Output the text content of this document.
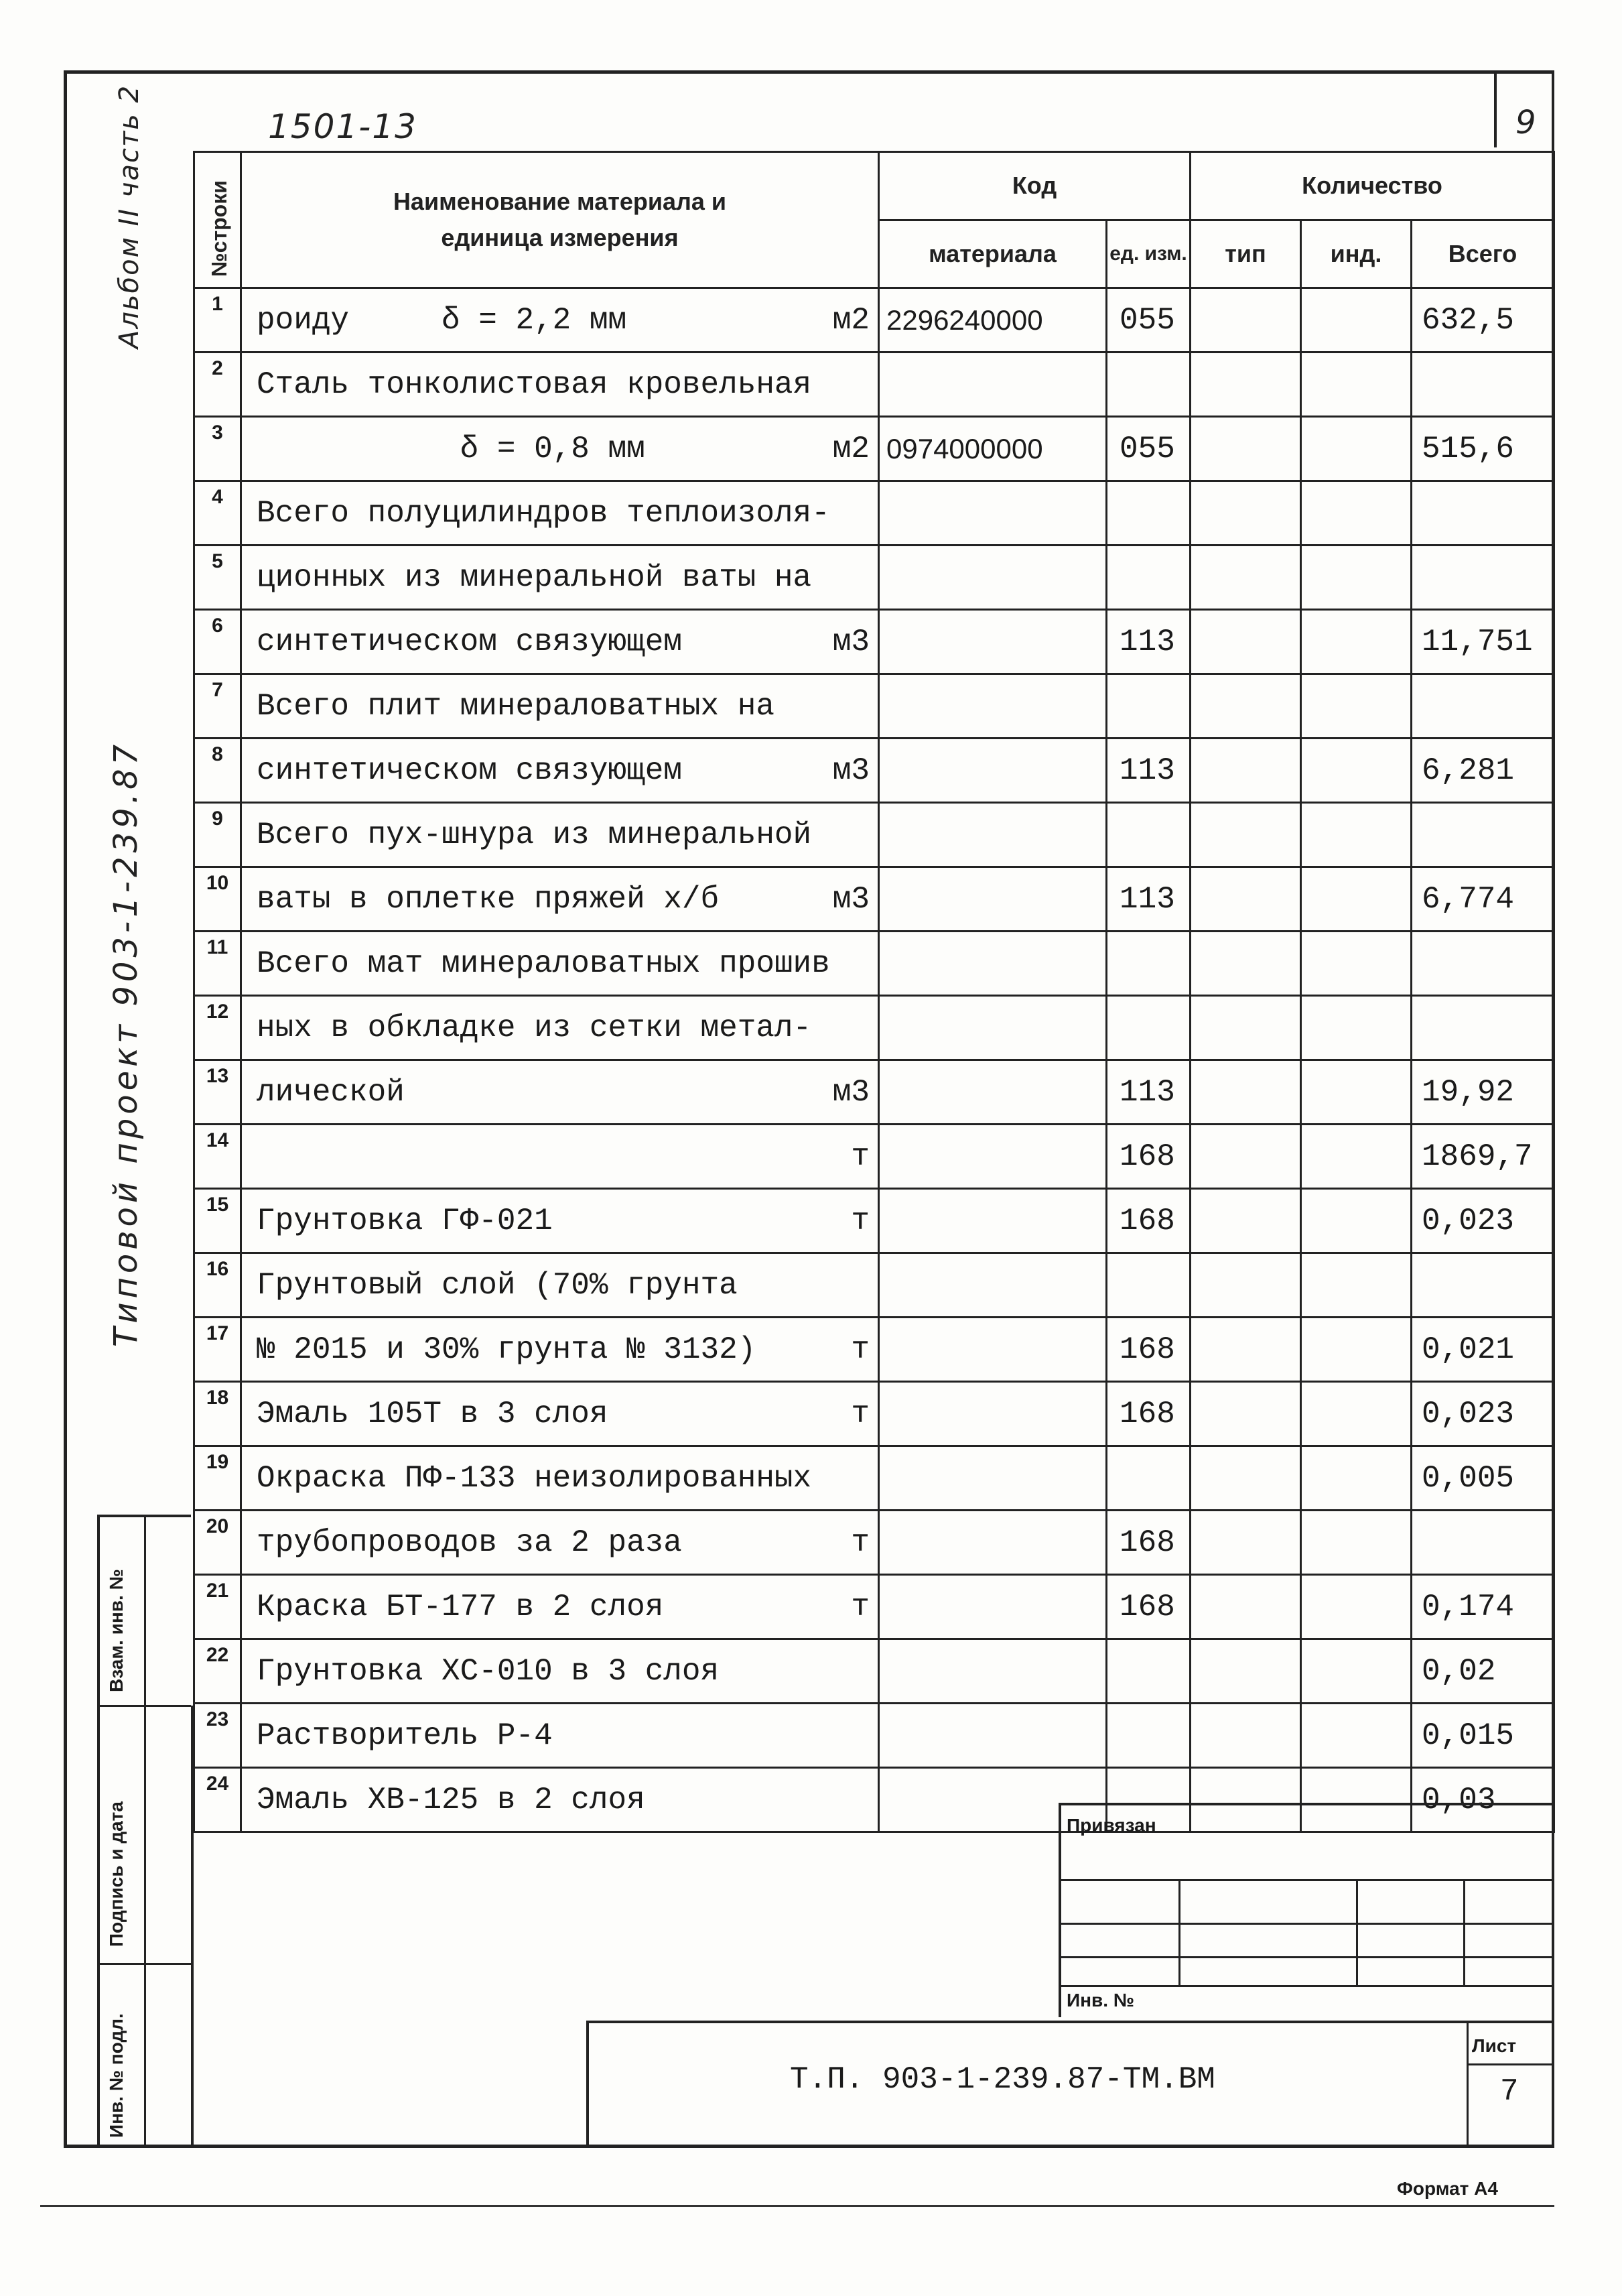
1501-13	9
Альбом II часть 2
Типовой проект 903-1-239.87
№строки	Наименование материала и единица измерения	Код		Количество		
		материала	ед. изм.	тип	инд.	Всего
1	роиду     δ = 2,2 мм м2	2296240000	055			632,5
2	Сталь тонколистовая кровельная

3	δ = 0,8 мм м2	0974000000	055			515,6
4	Всего полуцилиндров теплоизоля-

5	ционных из минеральной ваты на

6	синтетическом связующем м3		113			11,751
7	Всего плит минераловатных на

8	синтетическом связующем м3		113			6,281
9	Всего пух-шнура из минеральной

10	ваты в оплетке пряжей х/б м3		113			6,774
11	Всего мат минераловатных прошив

12	ных в обкладке из сетки метал-

13	лической м3		113			19,92
14	т		168			1869,7
15	Грунтовка ГФ-021 т		168			0,023
16	Грунтовый слой (70% грунта

17	№ 2015 и 30% грунта № 3132) т		168			0,021
18	Эмаль 105Т в 3 слоя т		168			0,023
19	Окраска ПФ-133 неизолированных					0,005
20	трубопроводов за 2 раза т		168			
21	Краска БТ-177 в 2 слоя т		168			0,174
22	Грунтовка ХС-010 в 3 слоя					0,02
23	Растворитель Р-4					0,015
24	Эмаль ХВ-125 в 2 слоя					0,03
Взам. инв. №
Подпись и дата
Инв. № подл.
Привязан
Инв. №
Т.П. 903-1-239.87-ТМ.ВМ
Лист
7
Формат А4
